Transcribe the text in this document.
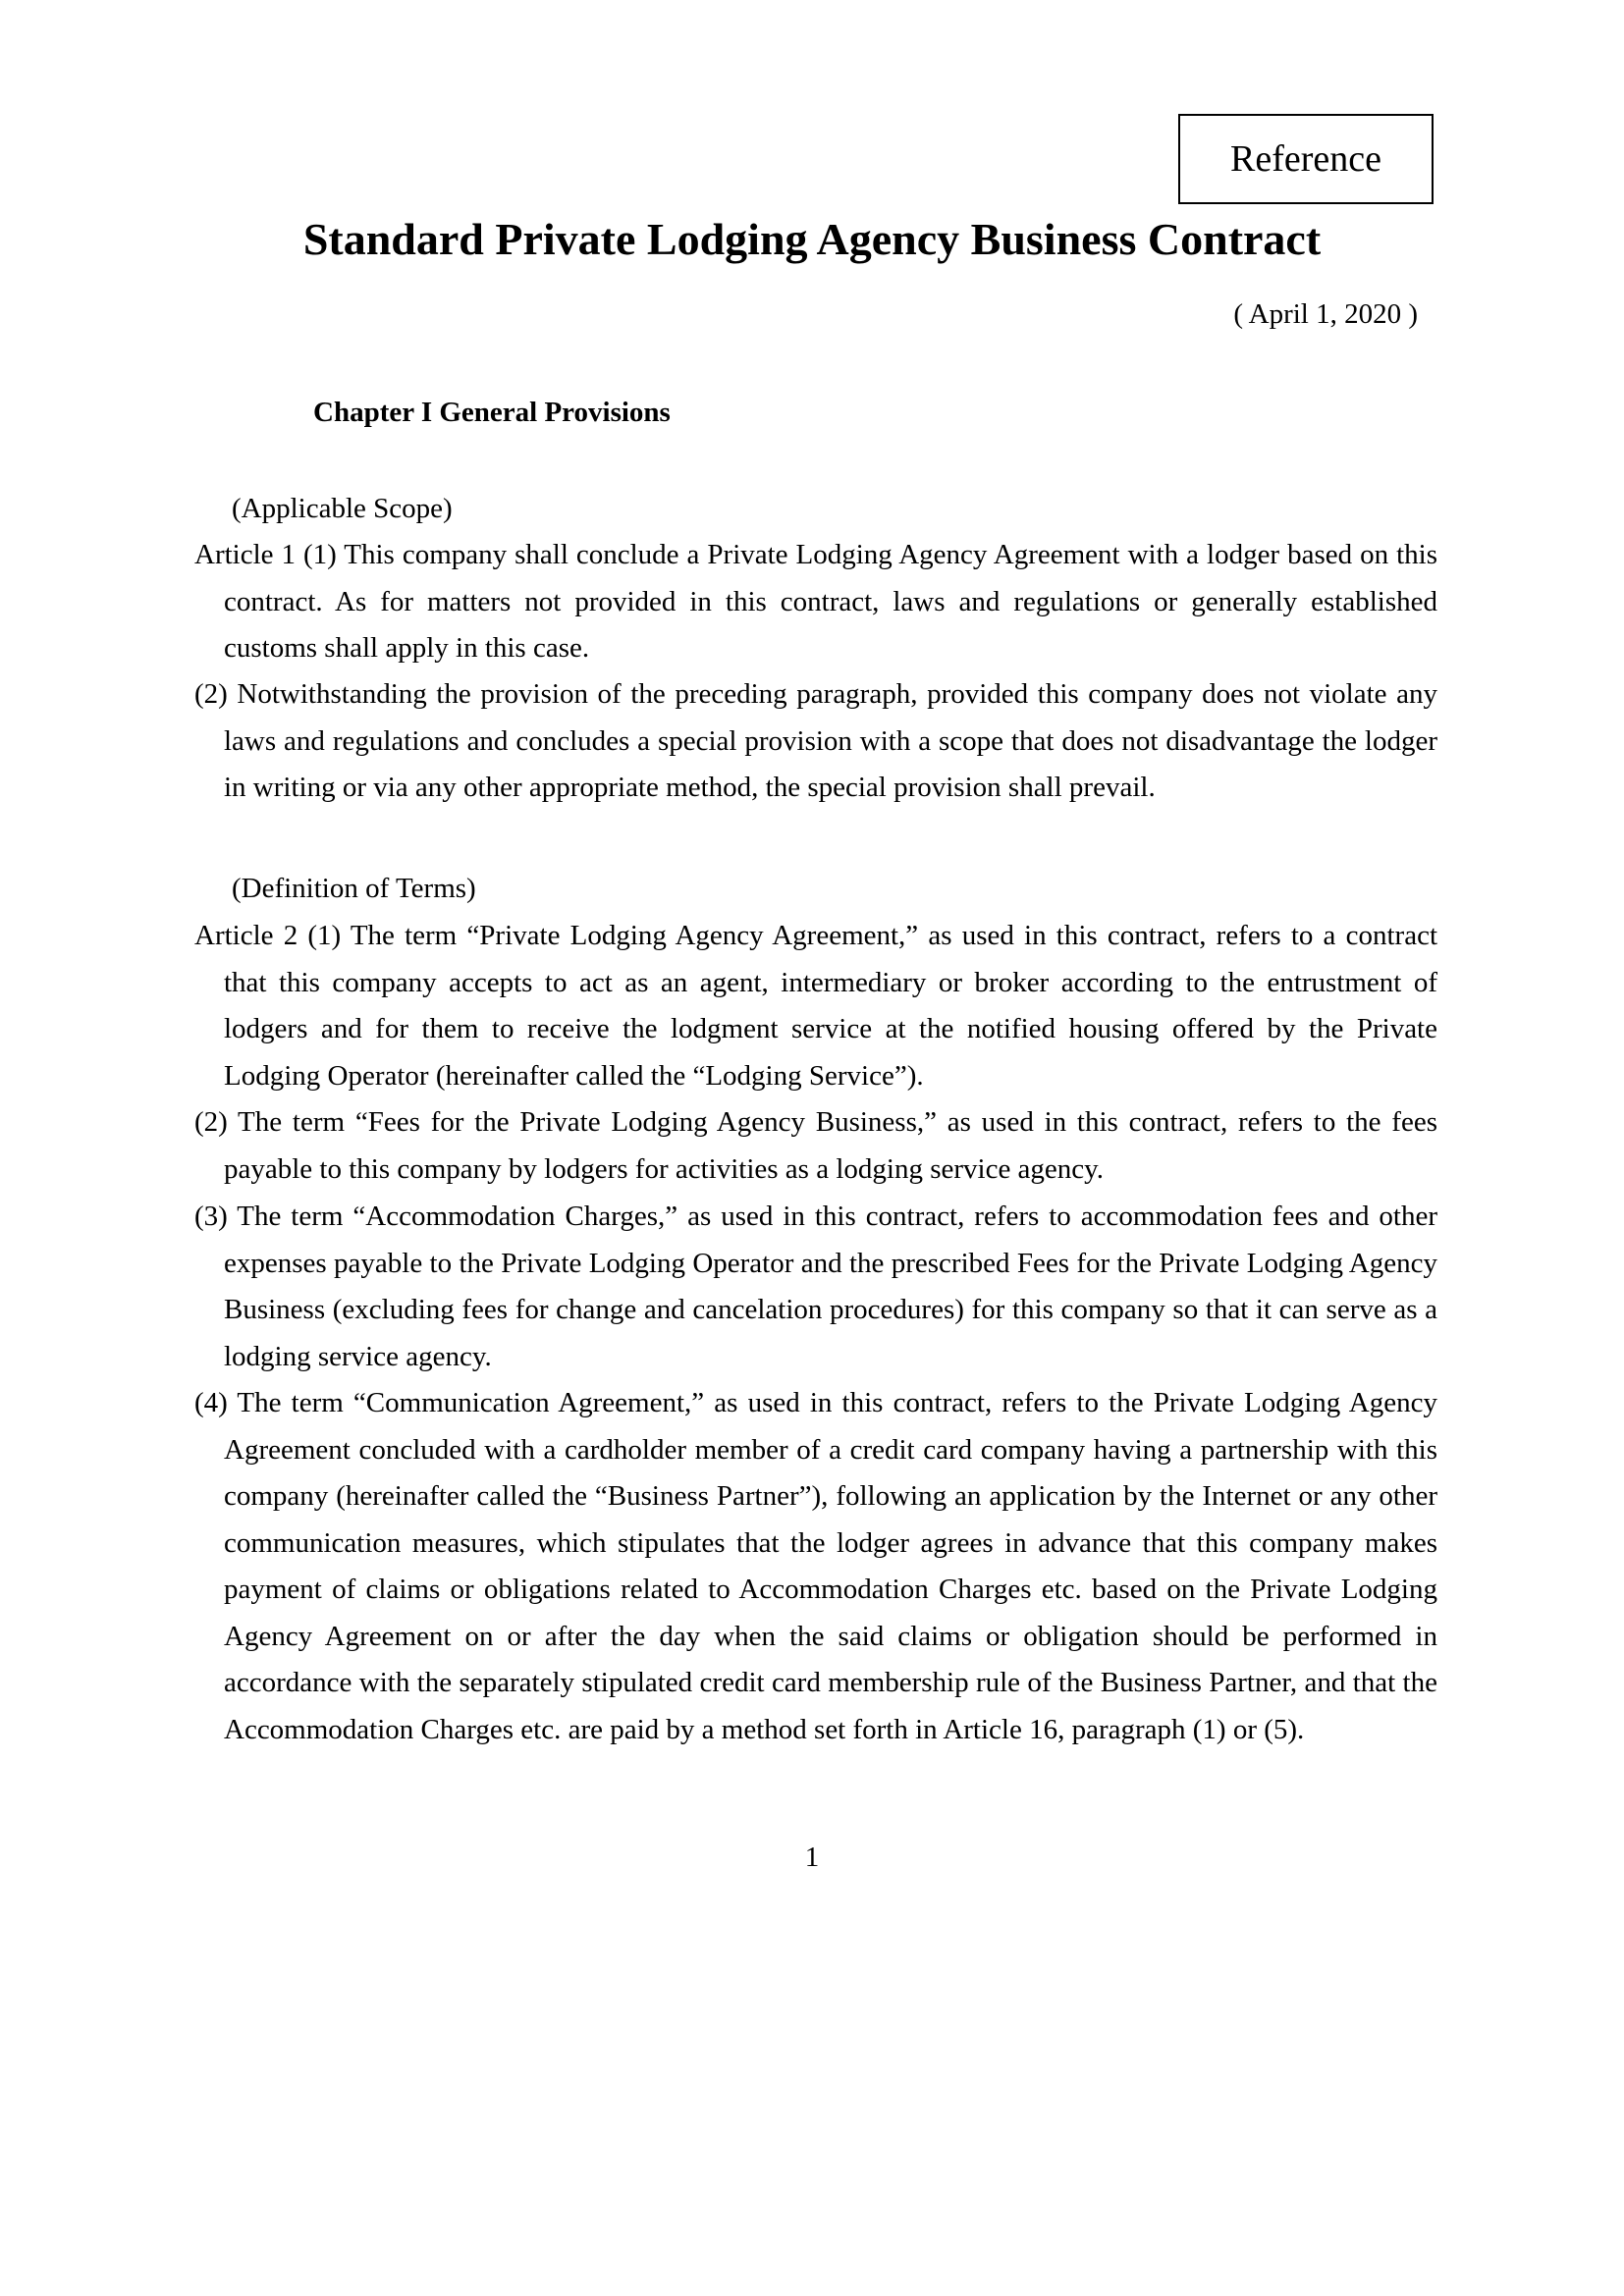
Reference
Standard Private Lodging Agency Business Contract
( April 1, 2020 )
Chapter I General Provisions
(Applicable Scope)
Article 1 (1) This company shall conclude a Private Lodging Agency Agreement with a lodger based on this contract. As for matters not provided in this contract, laws and regulations or generally established customs shall apply in this case.
(2) Notwithstanding the provision of the preceding paragraph, provided this company does not violate any laws and regulations and concludes a special provision with a scope that does not disadvantage the lodger in writing or via any other appropriate method, the special provision shall prevail.
(Definition of Terms)
Article 2 (1) The term “Private Lodging Agency Agreement,” as used in this contract, refers to a contract that this company accepts to act as an agent, intermediary or broker according to the entrustment of lodgers and for them to receive the lodgment service at the notified housing offered by the Private Lodging Operator (hereinafter called the “Lodging Service”).
(2) The term “Fees for the Private Lodging Agency Business,” as used in this contract, refers to the fees payable to this company by lodgers for activities as a lodging service agency.
(3) The term “Accommodation Charges,” as used in this contract, refers to accommodation fees and other expenses payable to the Private Lodging Operator and the prescribed Fees for the Private Lodging Agency Business (excluding fees for change and cancelation procedures) for this company so that it can serve as a lodging service agency.
(4) The term “Communication Agreement,” as used in this contract, refers to the Private Lodging Agency Agreement concluded with a cardholder member of a credit card company having a partnership with this company (hereinafter called the “Business Partner”), following an application by the Internet or any other communication measures, which stipulates that the lodger agrees in advance that this company makes payment of claims or obligations related to Accommodation Charges etc. based on the Private Lodging Agency Agreement on or after the day when the said claims or obligation should be performed in accordance with the separately stipulated credit card membership rule of the Business Partner, and that the Accommodation Charges etc. are paid by a method set forth in Article 16, paragraph (1) or (5).
1
